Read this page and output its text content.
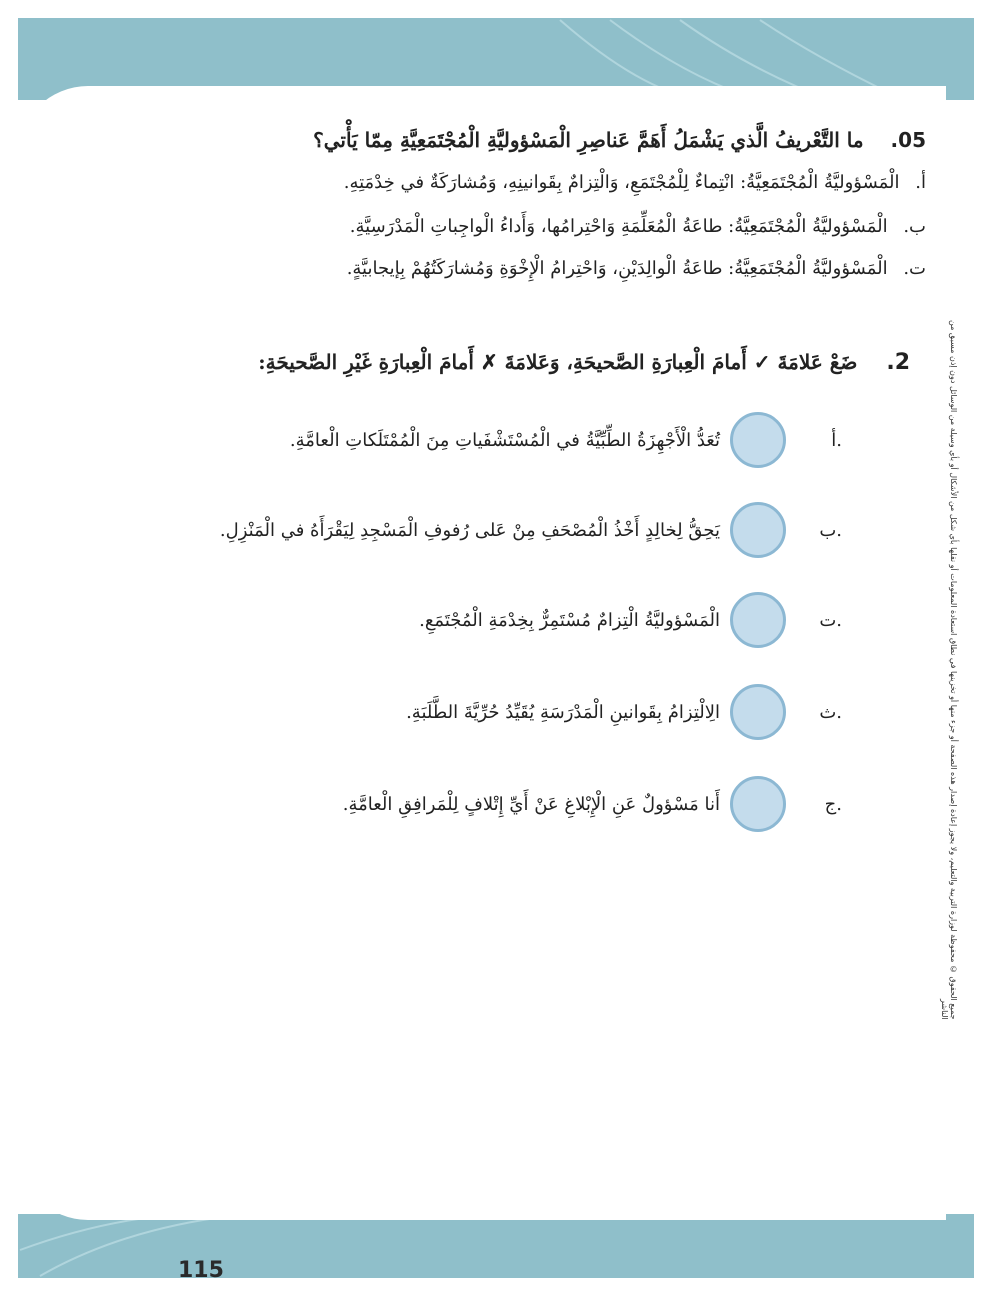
05. ما التَّعْريفُ الَّذي يَشْمَلُ أَهَمَّ عَناصِرِ الْمَسْؤوليَّةِ الْمُجْتَمَعِيَّةِ مِمّا يَأْتي؟
أ. الْمَسْؤوليَّةُ الْمُجْتَمَعِيَّةُ: انْتِماءٌ لِلْمُجْتَمَعِ، وَالْتِزامٌ بِقَوانينِهِ، وَمُشارَكَةٌ في خِدْمَتِهِ.
ب. الْمَسْؤوليَّةُ الْمُجْتَمَعِيَّةُ: طاعَةُ الْمُعَلِّمَةِ وَاحْتِرامُها، وَأَداءُ الْواجِباتِ الْمَدْرَسِيَّةِ.
ت. الْمَسْؤوليَّةُ الْمُجْتَمَعِيَّةُ: طاعَةُ الْوالِدَيْنِ، وَاحْتِرامُ الْإِخْوَةِ وَمُشارَكَتُهُمْ بِإيجابيَّةٍ.
2. ضَعْ عَلامَةَ ✓ أَمامَ الْعِبارَةِ الصَّحيحَةِ، وَعَلامَةَ ✗ أَمامَ الْعِبارَةِ غَيْرِ الصَّحيحَةِ:
أ.
تُعَدُّ الْأَجْهِزَةُ الطِّبِّيَّةُ في الْمُسْتَشْفَياتِ مِنَ الْمُمْتَلَكاتِ الْعامَّةِ.
ب.
يَحِقُّ لِخالِدٍ أَخْذُ الْمُصْحَفِ مِنْ عَلى رُفوفِ الْمَسْجِدِ لِيَقْرَأَهُ في الْمَنْزِلِ.
ت.
الْمَسْؤوليَّةُ الْتِزامٌ مُسْتَمِرٌّ بِخِدْمَةِ الْمُجْتَمَعِ.
ث.
الِالْتِزامُ بِقَوانينِ الْمَدْرَسَةِ يُقَيِّدُ حُرِّيَّةَ الطَّلَبَةِ.
ج.
أَنا مَسْؤولٌ عَنِ الْإِبْلاغِ عَنْ أَيِّ إِتْلافٍ لِلْمَرافِقِ الْعامَّةِ.	جميع الحقوق © محفوظة لوزارة التربية والتعليم، ولا يجوز إعادة إصدار هذه الصفحة أو جزء منها أو تخزينها في نطاق استعادة المعلومات أو نقلها بأي شكل من الأشكال أو بأي وسيلة من الوسائل دون إذن مسبق من الناشر
115
